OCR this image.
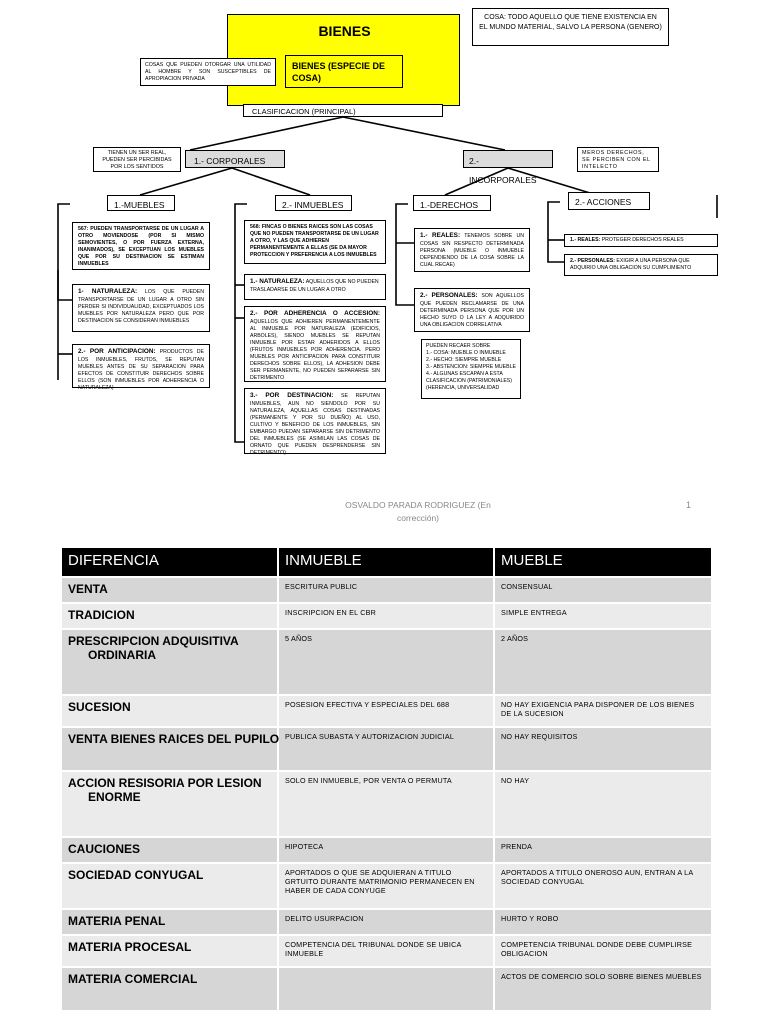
BIENES
BIENES (ESPECIE DE COSA)
COSAS QUE PUEDEN OTORGAR UNA UTILIDAD AL HOMBRE Y SON SUSCEPTIBLES DE APROPIACION PRIVADA
COSA: TODO AQUELLO QUE TIENE EXISTENCIA EN EL MUNDO MATERIAL, SALVO LA PERSONA (GENERO)
CLASIFICACION (PRINCIPAL)
1.- CORPORALES
TIENEN UN SER REAL, PUEDEN SER PERCIBIDAS POR LOS SENTIDOS
2.- INCORPORALES
MEROS DERECHOS, SE PERCIBEN CON EL INTELECTO
1.-MUEBLES
567: PUEDEN TRANSPORTARSE DE UN LUGAR A OTRO MOVIENDOSE (POR SI MISMO SEMOVIENTES, O POR FUERZA EXTERNA, INANIMADOS), SE EXCEPTUAN LOS MUEBLES QUE POR SU DESTINACION SE ESTIMAN INMUEBLES
1- NATURALEZA: LOS QUE PUEDEN TRANSPORTARSE DE UN LUGAR A OTRO SIN PERDER SI INDIVIDUALIDAD, EXCEPTUADOS LOS MUEBLES POR NATURALEZA PERO QUE POR DESTINACION SE CONSIDERAN INMUEBLES
2.- POR ANTICIPACION: PRODUCTOS DE LOS INMUEBLES, FRUTOS, SE REPUTAN MUEBLES ANTES DE SU SEPARACION PARA EFECTOS DE CONSTITUIR DERECHOS SOBRE ELLOS (SON INMUEBLES POR ADHERENCIA O NATURALEZA)
2.- INMUEBLES
568: FINCAS O BIENES RAICES SON LAS COSAS QUE NO PUEDEN TRANSPORTARSE DE UN LUGAR A OTRO, Y LAS QUE ADHIEREN PERMANENTEMENTE A ELLAS (SE DA MAYOR PROTECCION Y PREFERENCIA A LOS INMUEBLES
1.- NATURALEZA: AQUELLOS QUE NO PUEDEN TRASLADARSE DE UN LUGAR A OTRO
2.- POR ADHERENCIA O ACCESION: AQUELLOS QUE ADHIEREN PERMANENTEMENTE AL INMUEBLE POR NATURALEZA (EDIFICIOS, ARBOLES), SIENDO MUEBLES SE REPUTAN INMUEBLE POR ESTAR ADHERIDOS A ELLOS (FRUTOS INMUEBLES POR ADHERENCIA. PERO MUEBLES POR ANTICIPACION PARA CONSTITUIR DERECHOS SOBRE ELLOS), LA ADHESION DEBE SER PERMANENTE, NO PUEDEN SEPARARSE SIN DETRIMENTO
3.- POR DESTINACION: SE REPUTAN INMUEBLES, AUN NO SIENDOLO POR SU NATURALEZA, AQUELLAS COSAS DESTINADAS (PERMANENTE Y POR SU DUEÑO) AL USO, CULTIVO Y BENEFICIO DE LOS INMUEBLES, SIN EMBARGO PUEDAN SEPARARSE SIN DETRIMENTO DEL INMUEBLES (SE ASIMILAN LAS COSAS DE ORNATO QUE PUEDEN DESPRENDERSE SIN DETRIMENTO)
1.-DERECHOS
1.- REALES: TENEMOS SOBRE UN COSAS SIN RESPECTO DETERMINADA PERSONA (MUEBLE O INMUEBLE DEPENDIENDO DE LA COSA SOBRE LA CUAL RECAE)
2.- PERSONALES: SON AQUELLOS QUE PUEDEN RECLAMARSE DE UNA DETERMINADA PERSONA QUE POR UN HECHO SUYO O LA LEY A ADQUIRIDO UNA OBLIGACION CORRELATIVA
PUEDEN RECAER SOBRE
1.- COSA: MUEBLE O INMUEBLE
2.- HECHO: SIEMPRE MUEBLE
3.- ABSTENCION: SIEMPRE MUEBLE
4.- ALGUNAS ESCAPAN A ESTA CLASIFICACION (PATRIMONIALES) (HERENCIA, UNIVERSALIDAD
2.- ACCIONES
1.- REALES: PROTEGER DERECHOS REALES
2.- PERSONALES: EXIGIR A UNA PERSONA QUE ADQUIRIO UNA OBLIGACION SU CUMPLIMIENTO
OSVALDO PARADA RODRIGUEZ (En corrección)
1
DIFERENCIA	INMUEBLE	MUEBLE
VENTA	ESCRITURA PUBLIC	CONSENSUAL
TRADICION	INSCRIPCION EN EL CBR	SIMPLE ENTREGA
PRESCRIPCION ADQUISITIVA
ORDINARIA	5 AÑOS	2 AÑOS
SUCESION	POSESION EFECTIVA Y ESPECIALES DEL 688	NO HAY EXIGENCIA PARA DISPONER DE LOS BIENES DE LA SUCESION
VENTA BIENES RAICES DEL PUPILO	PUBLICA SUBASTA Y AUTORIZACION JUDICIAL	NO HAY REQUISITOS
ACCION RESISORIA POR LESION
ENORME	SOLO EN INMUEBLE, POR VENTA O PERMUTA	NO HAY
CAUCIONES	HIPOTECA	PRENDA
SOCIEDAD CONYUGAL	APORTADOS O QUE SE ADQUIERAN A TITULO GRTUITO DURANTE MATRIMONIO PERMANECEN EN HABER DE CADA CONYUGE	APORTADOS A TITULO ONEROSO AUN, ENTRAN A LA SOCIEDAD CONYUGAL
MATERIA PENAL	DELITO USURPACION	HURTO Y ROBO
MATERIA PROCESAL	COMPETENCIA DEL TRIBUNAL DONDE SE UBICA INMUEBLE	COMPETENCIA TRIBUNAL DONDE DEBE CUMPLIRSE OBLIGACION
MATERIA COMERCIAL		ACTOS DE COMERCIO SOLO SOBRE BIENES MUEBLES
